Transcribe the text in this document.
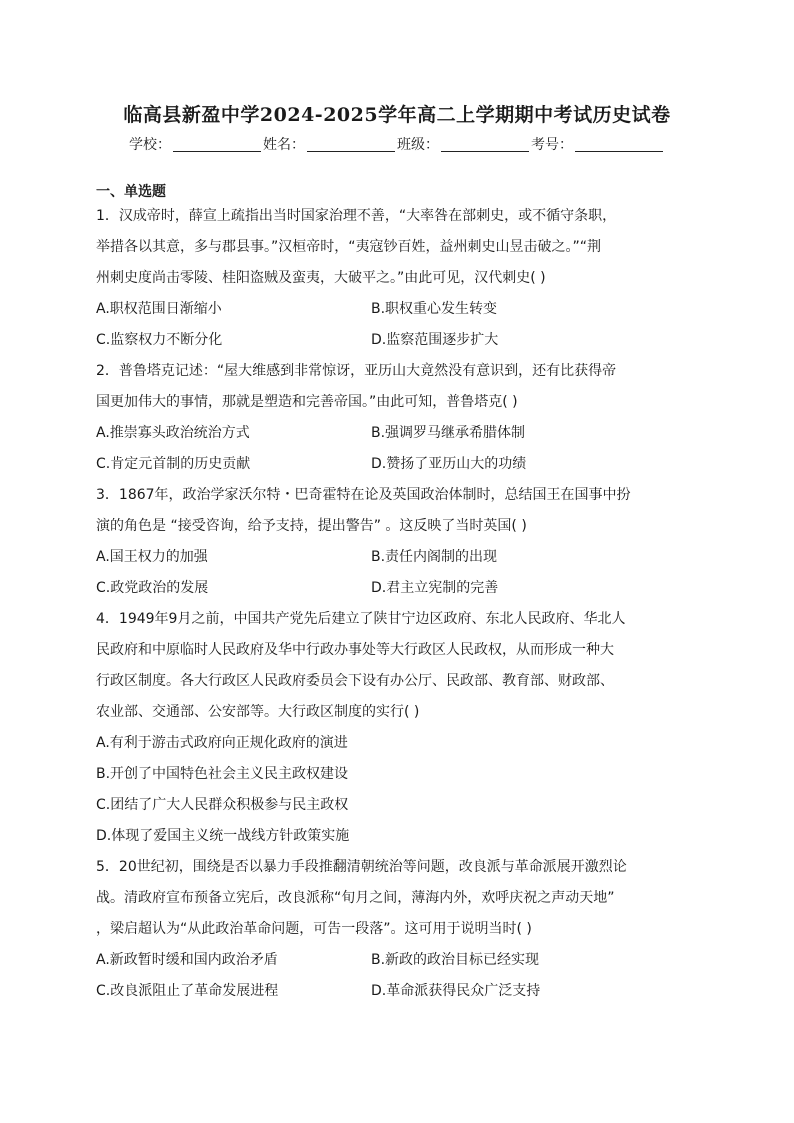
临高县新盈中学2024-2025学年高二上学期期中考试历史试卷
学校：	姓名：	班级：	考号：
一、单选题

1．汉成帝时，薛宣上疏指出当时国家治理不善，“大率咎在部刺史，或不循守条职，

举措各以其意，多与郡县事。”汉桓帝时，“夷寇钞百姓，益州刺史山昱击破之。”“荆

州刺史度尚击零陵、桂阳盗贼及蛮夷，大破平之。”由此可见，汉代刺史( )

A.职权范围日渐缩小	B.职权重心发生转变
C.监察权力不断分化	D.监察范围逐步扩大

2．普鲁塔克记述：“屋大维感到非常惊讶，亚历山大竟然没有意识到，还有比获得帝

国更加伟大的事情，那就是塑造和完善帝国。”由此可知，普鲁塔克( )

A.推崇寡头政治统治方式	B.强调罗马继承希腊体制
C.肯定元首制的历史贡献	D.赞扬了亚历山大的功绩

3．1867年，政治学家沃尔特・巴奇霍特在论及英国政治体制时，总结国王在国事中扮

演的角色是 “接受咨询，给予支持，提出警告” 。这反映了当时英国( )

A.国王权力的加强	B.责任内阁制的出现
C.政党政治的发展	D.君主立宪制的完善

4．1949年9月之前，中国共产党先后建立了陕甘宁边区政府、东北人民政府、华北人

民政府和中原临时人民政府及华中行政办事处等大行政区人民政权，从而形成一种大

行政区制度。各大行政区人民政府委员会下设有办公厅、民政部、教育部、财政部、

农业部、交通部、公安部等。大行政区制度的实行( )

A.有利于游击式政府向正规化政府的演进
B.开创了中国特色社会主义民主政权建设
C.团结了广大人民群众积极参与民主政权
D.体现了爱国主义统一战线方针政策实施

5．20世纪初，围绕是否以暴力手段推翻清朝统治等问题，改良派与革命派展开激烈论

战。清政府宣布预备立宪后，改良派称“旬月之间，薄海内外，欢呼庆祝之声动天地”

，梁启超认为“从此政治革命问题，可告一段落”。这可用于说明当时( )

A.新政暂时缓和国内政治矛盾	B.新政的政治目标已经实现
C.改良派阻止了革命发展进程	D.革命派获得民众广泛支持
